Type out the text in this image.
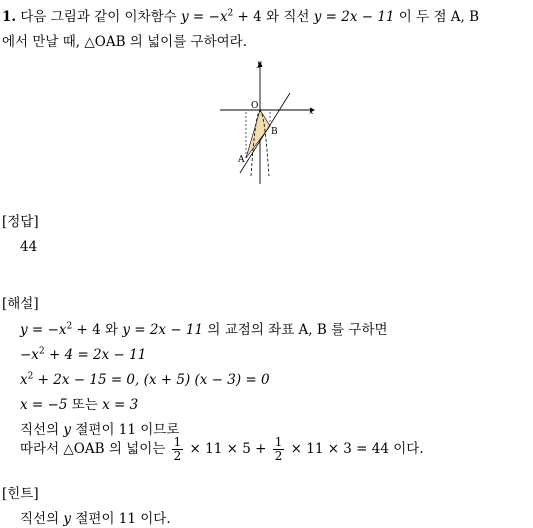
1. 다음 그림과 같이 이차함수 $y = -x^2 + 4$ 와 직선 y = 2x − 11 이 두 점 A, B
에서 만날 때, △OAB 의 넓이를 구하여라.
x
y
O
A
B
[정답]
44
[해설]
$y = -x^2 + 4$ 와 y = 2x − 11 의 교점의 좌표 A, B 를 구하면
$-x^2 + 4 = 2x - 11$
$x^2 + 2x - 15 = 0$, (x + 5) (x − 3) = 0
x = −5 또는 x = 3
직선의 y 절편이 11 이므로
따라서 △OAB 의 넓이는 $\frac{1}{2} \times 11 \times 5 + \frac{1}{2} \times 11 \times 3 = 44$ 이다.
[힌트]
직선의 y 절편이 11 이다.
